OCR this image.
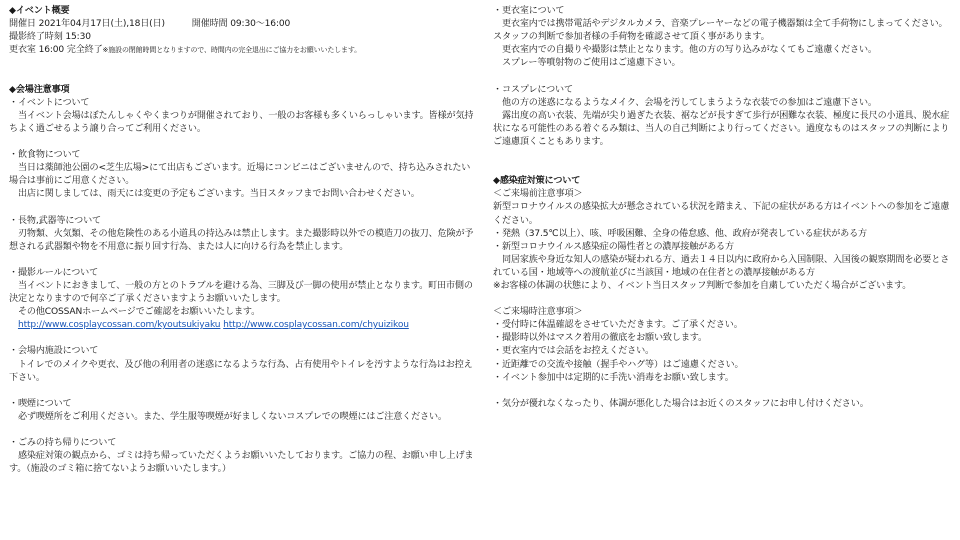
◆イベント概要
開催日 2021年04月17日(土),18日(日)　　　開催時間 09:30～16:00
撮影終了時刻 15:30
更衣室 16:00 完全終了※施設の閉館時間となりますので、時間内の完全退出にご協力をお願いいたします。
◆会場注意事項
・イベントについて
　当イベント会場はぼたんしゃくやくまつりが開催されており、一般のお客様も多くいらっしゃいます。皆様が気持ちよく過ごせるよう譲り合ってご利用ください。
・飲食物について
　当日は薬師池公園の<芝生広場>にて出店もございます。近場にコンビニはございませんので、持ち込みされたい場合は事前にご用意ください。
　出店に関しましては、雨天には変更の予定もございます。当日スタッフまでお問い合わせください。
・長物,武器等について
　刃物類、火気類、その他危険性のある小道具の持込みは禁止します。また撮影時以外での模造刀の抜刀、危険が予想される武器類や物を不用意に振り回す行為、または人に向ける行為を禁止します。
・撮影ルールについて
　当イベントにおきまして、一般の方とのトラブルを避ける為、三脚及び一脚の使用が禁止となります。町田市側の決定となりますので何卒ご了承くださいますようお願いいたします。
　その他COSSANホームページでご確認をお願いいたします。
　http://www.cosplaycossan.com/kyoutsukiyaku http://www.cosplaycossan.com/chyuizikou
・会場内施設について
　トイレでのメイクや更衣、及び他の利用者の迷惑になるような行為、占有使用やトイレを汚すような行為はお控え下さい。
・喫煙について
　必ず喫煙所をご利用ください。また、学生服等喫煙が好ましくないコスプレでの喫煙にはご注意ください。
・ごみの持ち帰りについて
　感染症対策の観点から、ゴミは持ち帰っていただくようお願いいたしております。ご協力の程、お願い申し上げます。（施設のゴミ箱に捨てないようお願いいたします。）
・更衣室について
　更衣室内では携帯電話やデジタルカメラ、音楽プレーヤーなどの電子機器類は全て手荷物にしまってください。スタッフの判断で参加者様の手荷物を確認させて頂く事があります。
　更衣室内での自撮りや撮影は禁止となります。他の方の写り込みがなくてもご遠慮ください。
　スプレー等噴射物のご使用はご遠慮下さい。
・コスプレについて
　他の方の迷惑になるようなメイク、会場を汚してしまうような衣装での参加はご遠慮下さい。
　露出度の高い衣装、先端が尖り過ぎた衣装、裾などが長すぎて歩行が困難な衣装、極度に長尺の小道具、脱水症状になる可能性のある着ぐるみ類は、当人の自己判断により行ってください。過度なものはスタッフの判断によりご遠慮頂くこともあります。
◆感染症対策について
＜ご来場前注意事項＞
新型コロナウイルスの感染拡大が懸念されている状況を踏まえ、下記の症状がある方はイベントへの参加をご遠慮ください。
・発熱（37.5℃以上）、咳、呼吸困難、全身の倦怠感、他、政府が発表している症状がある方
・新型コロナウイルス感染症の陽性者との濃厚接触がある方
　同居家族や身近な知人の感染が疑われる方、過去１４日以内に政府から入国制限、入国後の観察期間を必要とされている国・地域等への渡航並びに当該国・地域の在住者との濃厚接触がある方
※お客様の体調の状態により、イベント当日スタッフ判断で参加を自粛していただく場合がございます。
＜ご来場時注意事項＞
・受付時に体温確認をさせていただきます。ご了承ください。
・撮影時以外はマスク着用の徹底をお願い致します。
・更衣室内では会話をお控えください。
・近距離での交流や接触（握手やハグ等）はご遠慮ください。
・イベント参加中は定期的に手洗い消毒をお願い致します。
・気分が優れなくなったり、体調が悪化した場合はお近くのスタッフにお申し付けください。
